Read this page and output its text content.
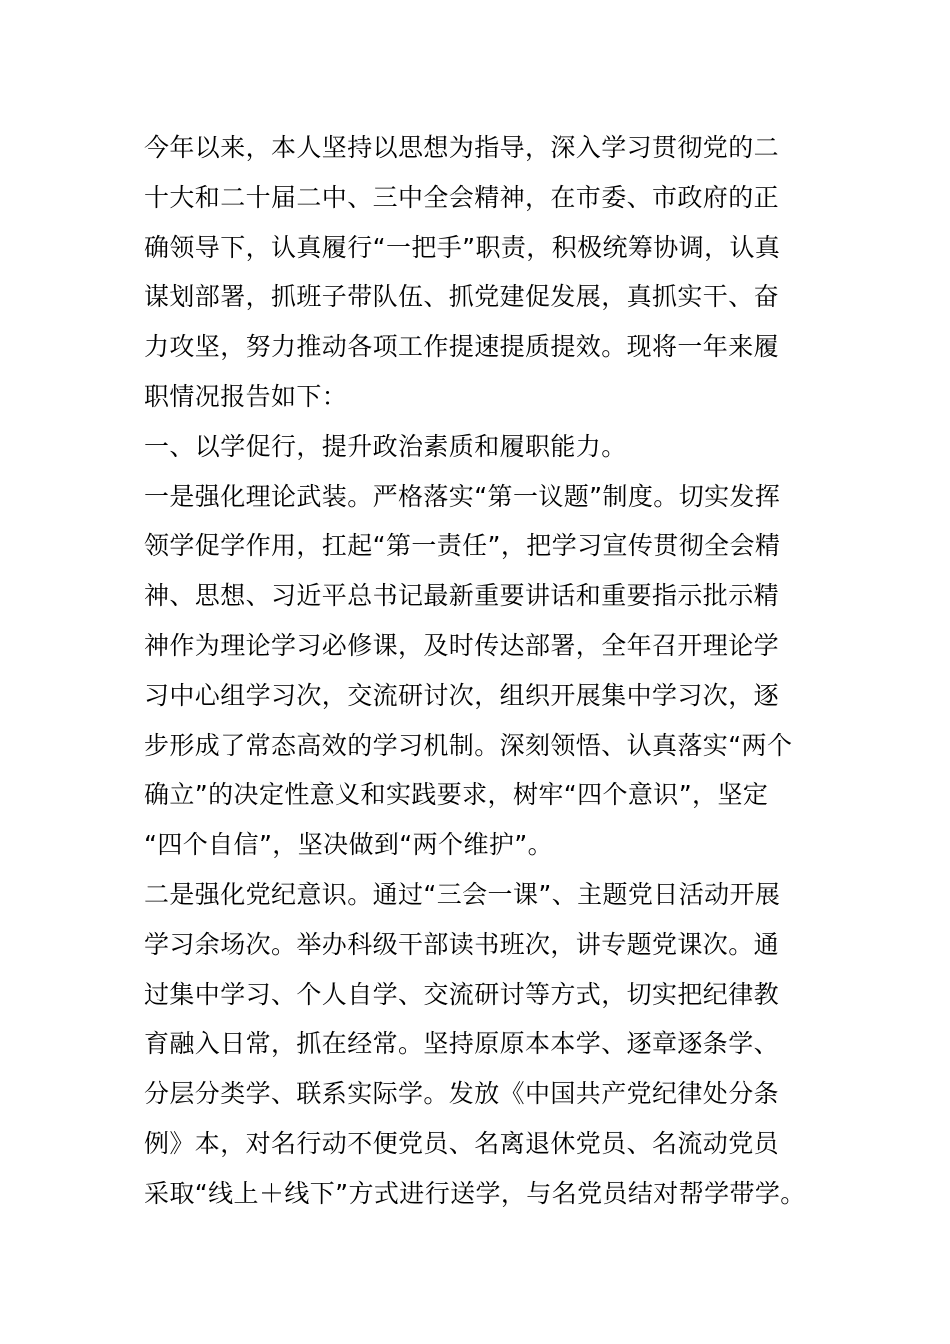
今年以来，本人坚持以思想为指导，深入学习贯彻党的二
十大和二十届二中、三中全会精神，在市委、市政府的正
确领导下，认真履行“一把手”职责，积极统筹协调，认真
谋划部署，抓班子带队伍、抓党建促发展，真抓实干、奋
力攻坚，努力推动各项工作提速提质提效。现将一年来履
职情况报告如下：
一、以学促行，提升政治素质和履职能力。
一是强化理论武装。严格落实“第一议题”制度。切实发挥
领学促学作用，扛起“第一责任”，把学习宣传贯彻全会精
神、思想、习近平总书记最新重要讲话和重要指示批示精
神作为理论学习必修课，及时传达部署，全年召开理论学
习中心组学习次，交流研讨次，组织开展集中学习次，逐
步形成了常态高效的学习机制。深刻领悟、认真落实“两个
确立”的决定性意义和实践要求，树牢“四个意识”，坚定
“四个自信”，坚决做到“两个维护”。
二是强化党纪意识。通过“三会一课”、主题党日活动开展
学习余场次。举办科级干部读书班次，讲专题党课次。通
过集中学习、个人自学、交流研讨等方式，切实把纪律教
育融入日常，抓在经常。坚持原原本本学、逐章逐条学、
分层分类学、联系实际学。发放《中国共产党纪律处分条
例》本，对名行动不便党员、名离退休党员、名流动党员
采取“线上＋线下”方式进行送学，与名党员结对帮学带学。
